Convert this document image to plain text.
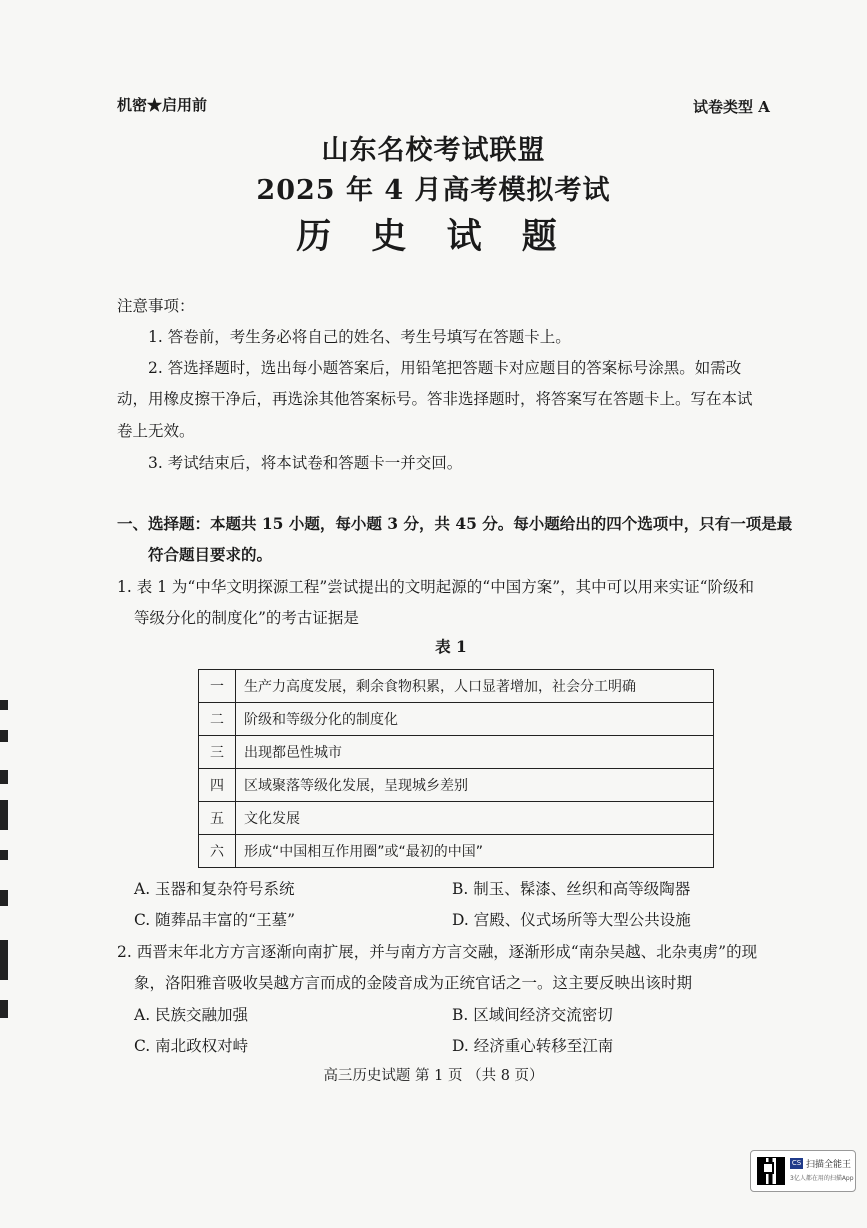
机密★启用前	试卷类型 A
山东名校考试联盟
2025 年 4 月高考模拟考试
历 史 试 题
注意事项：
1. 答卷前，考生务必将自己的姓名、考生号填写在答题卡上。
2. 答选择题时，选出每小题答案后，用铅笔把答题卡对应题目的答案标号涂黑。如需改
动，用橡皮擦干净后，再选涂其他答案标号。答非选择题时，将答案写在答题卡上。写在本试
卷上无效。
3. 考试结束后，将本试卷和答题卡一并交回。
一、选择题：本题共 15 小题，每小题 3 分，共 45 分。每小题给出的四个选项中，只有一项是最
符合题目要求的。
1. 表 1 为“中华文明探源工程”尝试提出的文明起源的“中国方案”，其中可以用来实证“阶级和
等级分化的制度化”的考古证据是
表 1
一	生产力高度发展，剩余食物积累，人口显著增加，社会分工明确
二	阶级和等级分化的制度化
三	出现都邑性城市
四	区域聚落等级化发展，呈现城乡差别
五	文化发展
六	形成“中国相互作用圈”或“最初的中国”
A. 玉器和复杂符号系统	B. 制玉、髹漆、丝织和高等级陶器
C. 随葬品丰富的“王墓”	D. 宫殿、仪式场所等大型公共设施
2. 西晋末年北方方言逐渐向南扩展，并与南方方言交融，逐渐形成“南杂吴越、北杂夷虏”的现
象，洛阳雅音吸收吴越方言而成的金陵音成为正统官话之一。这主要反映出该时期
A. 民族交融加强	B. 区域间经济交流密切
C. 南北政权对峙	D. 经济重心转移至江南
高三历史试题 第 1 页 （共 8 页）
CS 扫描全能王
3亿人都在用的扫描App
